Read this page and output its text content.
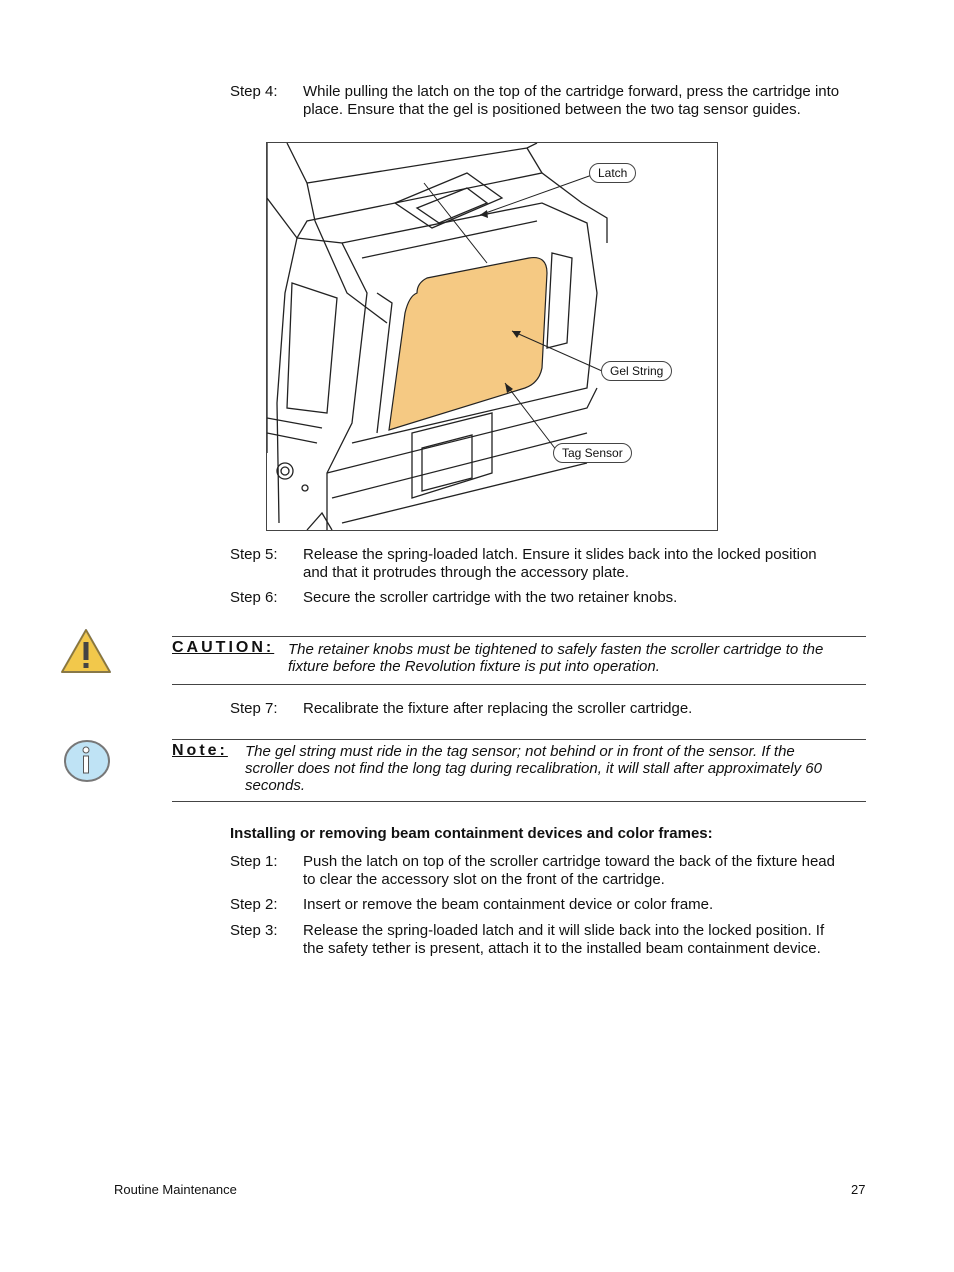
Step 4: While pulling the latch on the top of the cartridge forward, press the cartridge into
place. Ensure that the gel is positioned between the two tag sensor guides.
Latch
Gel String
Tag Sensor
Step 5: Release the spring-loaded latch. Ensure it slides back into the locked position
and that it protrudes through the accessory plate.
Step 6: Secure the scroller cartridge with the two retainer knobs.
CAUTION: The retainer knobs must be tightened to safely fasten the scroller cartridge to the
fixture before the Revolution fixture is put into operation.
Step 7: Recalibrate the fixture after replacing the scroller cartridge.
Note: The gel string must ride in the tag sensor; not behind or in front of the sensor. If the
scroller does not find the long tag during recalibration, it will stall after approximately 60
seconds.
Installing or removing beam containment devices and color frames:
Step 1: Push the latch on top of the scroller cartridge toward the back of the fixture head
to clear the accessory slot on the front of the cartridge.
Step 2: Insert or remove the beam containment device or color frame.
Step 3: Release the spring-loaded latch and it will slide back into the locked position. If
the safety tether is present, attach it to the installed beam containment device.
Routine Maintenance	27
